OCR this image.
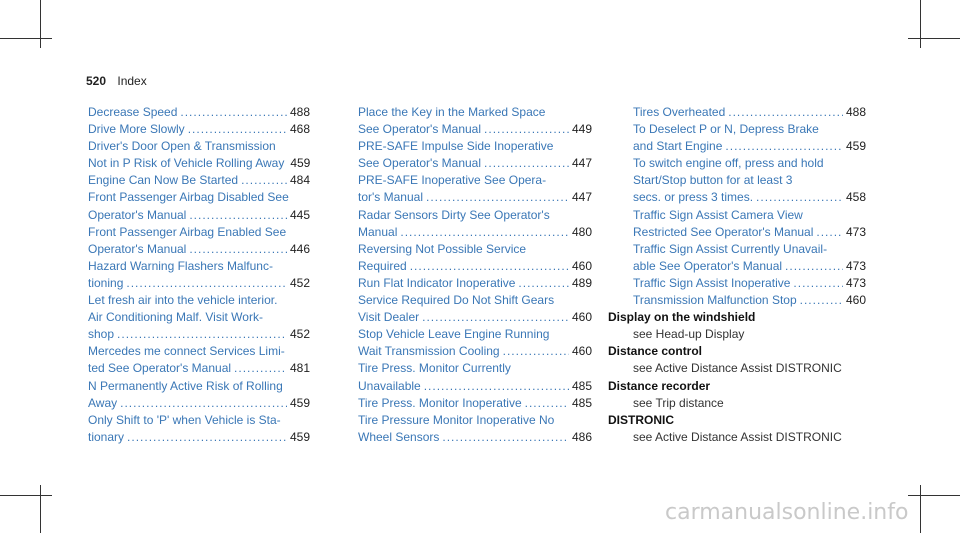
520 Index
Decrease Speed .....	488
Drive More Slowly .....	468
Driver's Door Open & Transmission
Not in P Risk of Vehicle Rolling Away 459
Engine Can Now Be Started .....	484
Front Passenger Airbag Disabled See
Operator's Manual .....	445
Front Passenger Airbag Enabled See
Operator's Manual .....	446
Hazard Warning Flashers Malfunc-
tioning .....	452
Let fresh air into the vehicle interior.
Air Conditioning Malf. Visit Work-
shop .....	452
Mercedes me connect Services Limi-
ted See Operator's Manual .....	481
N Permanently Active Risk of Rolling
Away .....	459
Only Shift to 'P' when Vehicle is Sta-
tionary .....	459
Place the Key in the Marked Space
See Operator's Manual .....	449
PRE-SAFE Impulse Side Inoperative
See Operator's Manual .....	447
PRE-SAFE Inoperative See Opera-
tor's Manual .....	447
Radar Sensors Dirty See Operator's
Manual .....	480
Reversing Not Possible Service
Required .....	460
Run Flat Indicator Inoperative .....	489
Service Required Do Not Shift Gears
Visit Dealer .....	460
Stop Vehicle Leave Engine Running
Wait Transmission Cooling .....	460
Tire Press. Monitor Currently
Unavailable .....	485
Tire Press. Monitor Inoperative .....	485
Tire Pressure Monitor Inoperative No
Wheel Sensors .....	486
Tires Overheated .....	488
To Deselect P or N, Depress Brake
and Start Engine .....	459
To switch engine off, press and hold
Start/Stop button for at least 3
secs. or press 3 times. .....	458
Traffic Sign Assist Camera View
Restricted See Operator's Manual .....	473
Traffic Sign Assist Currently Unavail-
able See Operator's Manual .....	473
Traffic Sign Assist Inoperative .....	473
Transmission Malfunction Stop .....	460
Display on the windshield
see Head-up Display
Distance control
see Active Distance Assist DISTRONIC
Distance recorder
see Trip distance
DISTRONIC
see Active Distance Assist DISTRONIC
carmanualsonline.info
